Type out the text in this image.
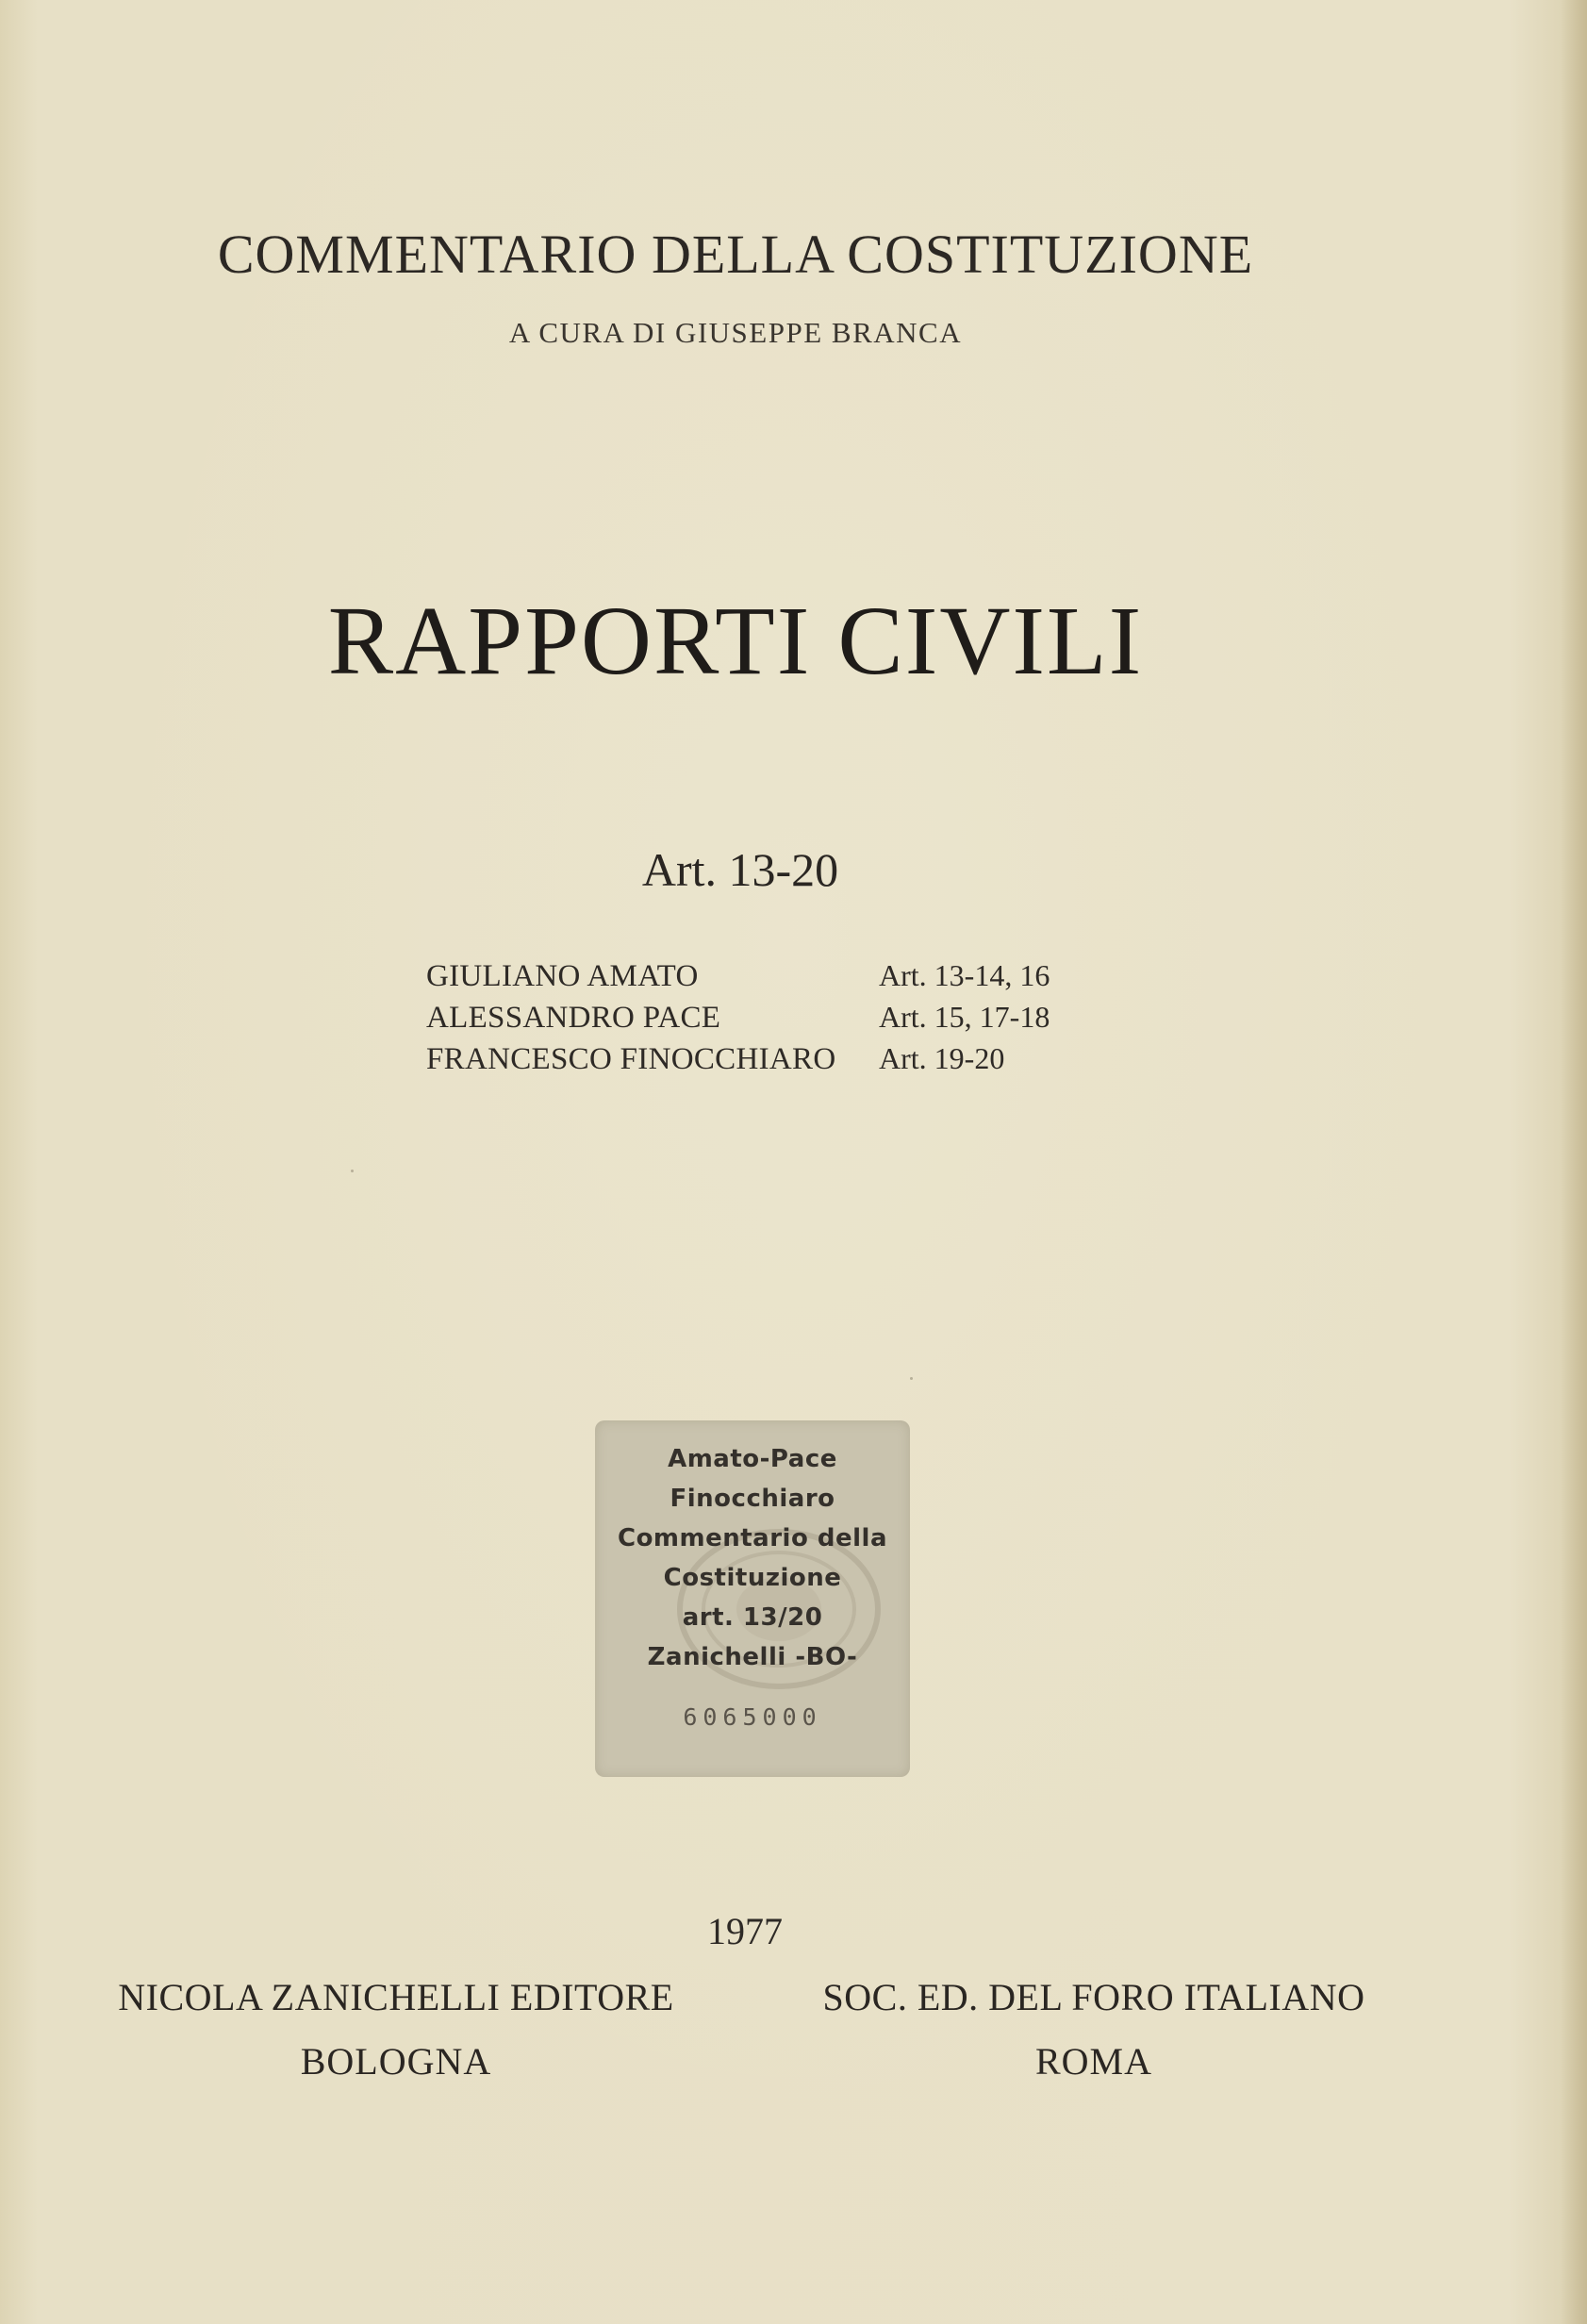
COMMENTARIO DELLA COSTITUZIONE
A CURA DI GIUSEPPE BRANCA
RAPPORTI CIVILI
Art. 13-20
GIULIANO AMATO	Art. 13-14, 16
ALESSANDRO PACE	Art. 15, 17-18
FRANCESCO FINOCCHIARO Art. 19-20
Amato-Pace
Finocchiaro
Commentario della
Costituzione
art. 13/20
Zanichelli -BO-
6065000
1977
NICOLA ZANICHELLI EDITORE	SOC. ED. DEL FORO ITALIANO
BOLOGNA	ROMA
